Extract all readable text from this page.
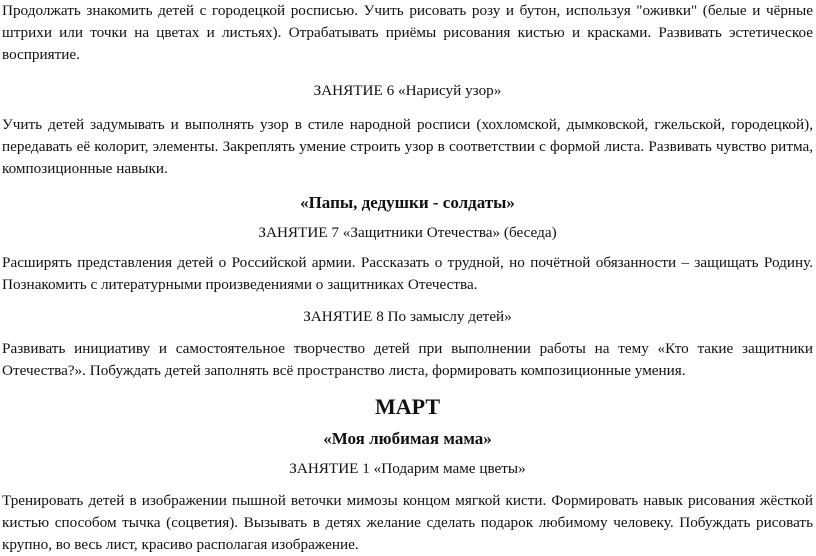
Продолжать знакомить детей с городецкой росписью. Учить рисовать розу и бутон, используя "оживки" (белые и чёрные штрихи или точки на цветах и листьях). Отрабатывать приёмы рисования кистью и красками. Развивать эстетическое восприятие.

ЗАНЯТИЕ 6 «Нарисуй узор»

Учить детей задумывать и выполнять узор в стиле народной росписи (хохломской, дымковской, гжельской, городецкой), передавать её колорит, элементы. Закреплять умение строить узор в соответствии с формой листа. Развивать чувство ритма, композиционные навыки.

«Папы, дедушки - солдаты»

ЗАНЯТИЕ 7 «Защитники Отечества» (беседа)

Расширять представления детей о Российской армии. Рассказать о трудной, но почётной обязанности – защищать Родину. Познакомить с литературными произведениями о защитниках Отечества.

ЗАНЯТИЕ 8 По замыслу детей»

Развивать инициативу и самостоятельное творчество детей при выполнении работы на тему «Кто такие защитники Отечества?». Побуждать детей заполнять всё пространство листа, формировать композиционные умения.

МАРТ

«Моя любимая мама»

ЗАНЯТИЕ 1 «Подарим маме цветы»

Тренировать детей в изображении пышной веточки мимозы концом мягкой кисти. Формировать навык рисования жёсткой кистью способом тычка (соцветия). Вызывать в детях желание сделать подарок любимому человеку. Побуждать рисовать крупно, во весь лист, красиво располагая изображение.
